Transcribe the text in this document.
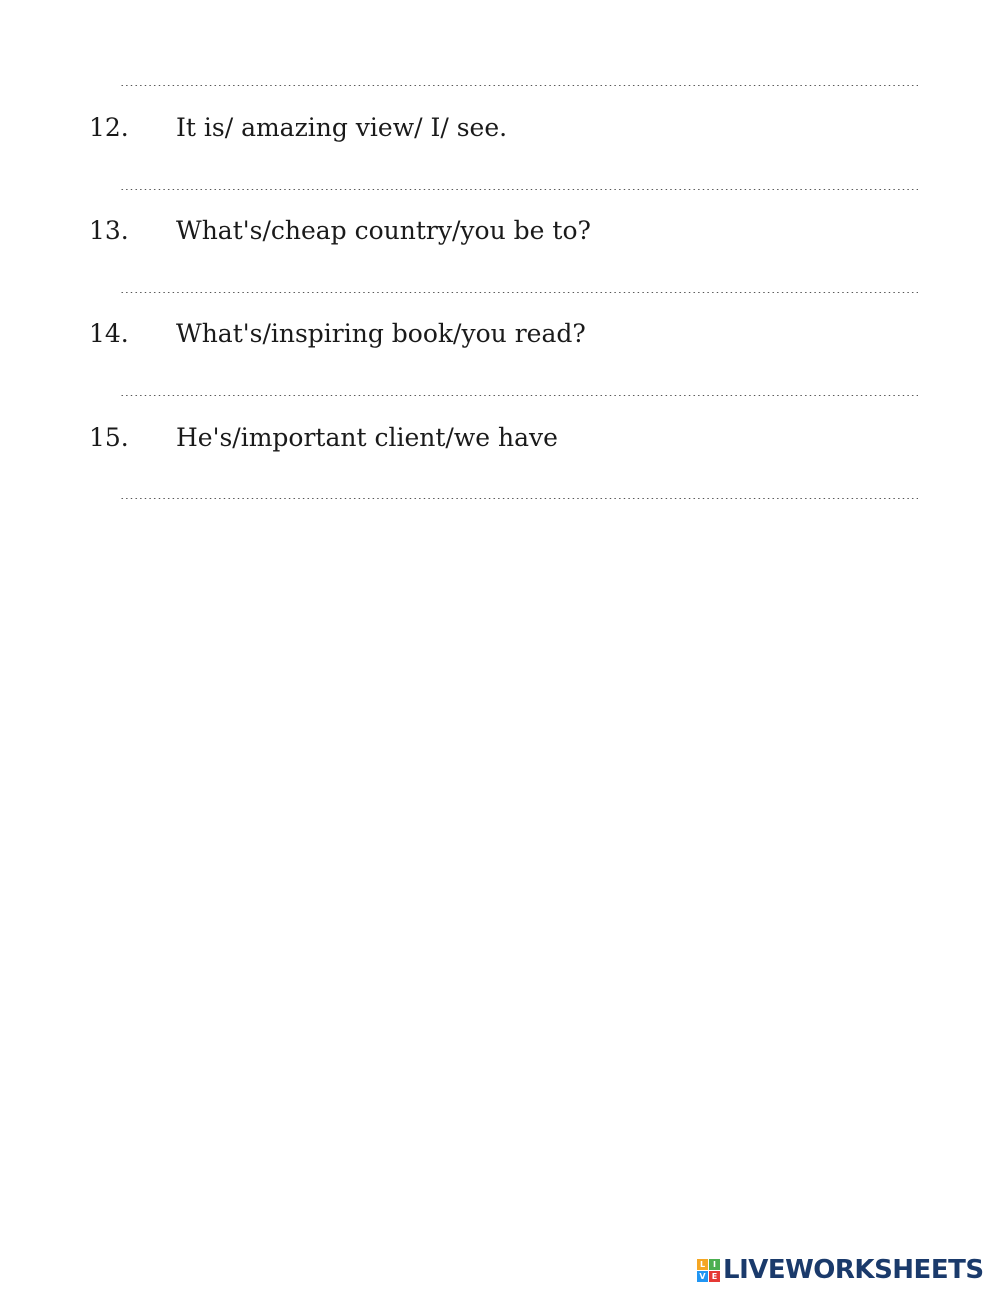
.....
12. It is/ amazing view/ I/ see.
.....
13. What's/cheap country/you be to?
.....
14. What's/inspiring book/you read?
.....
15. He's/important client/we have
.....
L I
V E LIVEWORKSHEETS
